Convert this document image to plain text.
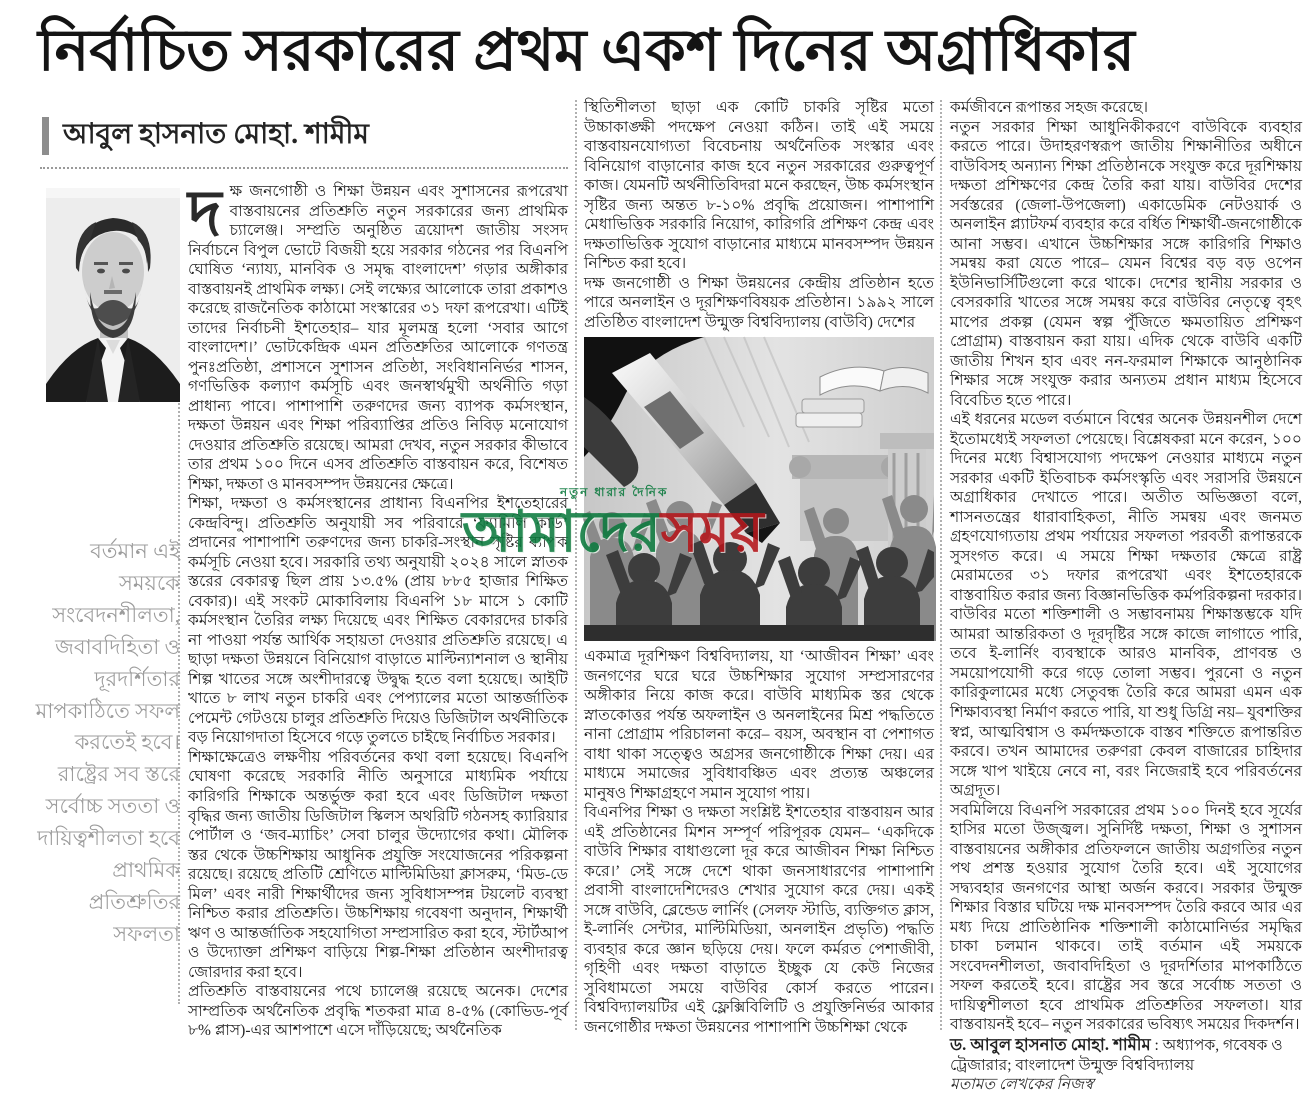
নির্বাচিত সরকারের প্রথম একশ দিনের অগ্রাধিকার
আবুল হাসনাত মোহা. শামীম
বর্তমান এই সময়কে সংবেদনশীলতা, জবাবদিহিতা ও দূরদর্শিতার মাপকাঠিতে সফল করতেই হবে। রাষ্ট্রের সব স্তরে সর্বোচ্চ সততা ও দায়িত্বশীলতা হবে প্রাথমিক প্রতিশ্রুতির সফলতা

দক্ষ জনগোষ্ঠী ও শিক্ষা উন্নয়ন এবং সুশাসনের রূপরেখা বাস্তবায়নের প্রতিশ্রুতি নতুন সরকারের জন্য প্রাথমিক চ্যালেঞ্জ। সম্প্রতি অনুষ্ঠিত ত্রয়োদশ জাতীয় সংসদ নির্বাচনে বিপুল ভোটে বিজয়ী হয়ে সরকার গঠনের পর বিএনপি ঘোষিত ‘ন্যায্য, মানবিক ও সমৃদ্ধ বাংলাদেশ’ গড়ার অঙ্গীকার বাস্তবায়নই প্রাথমিক লক্ষ্য। সেই লক্ষ্যের আলোকে তারা প্রকাশও করেছে রাজনৈতিক কাঠামো সংস্কারের ৩১ দফা রূপরেখা। এটিই তাদের নির্বাচনী ইশতেহার– যার মূলমন্ত্র হলো ‘সবার আগে বাংলাদেশ।’ ভোটকেন্দ্রিক এমন প্রতিশ্রুতির আলোকে গণতন্ত্র পুনঃপ্রতিষ্ঠা, প্রশাসনে সুশাসন প্রতিষ্ঠা, সংবিধাননির্ভর শাসন, গণভিত্তিক কল্যাণ কর্মসূচি এবং জনস্বার্থমুখী অর্থনীতি গড়া প্রাধান্য পাবে। পাশাপাশি তরুণদের জন্য ব্যাপক কর্মসংস্থান, দক্ষতা উন্নয়ন এবং শিক্ষা পরিব্যাপ্তির প্রতিও নিবিড় মনোযোগ দেওয়ার প্রতিশ্রুতি রয়েছে। আমরা দেখব, নতুন সরকার কীভাবে তার প্রথম ১০০ দিনে এসব প্রতিশ্রুতি বাস্তবায়ন করে, বিশেষত শিক্ষা, দক্ষতা ও মানবসম্পদ উন্নয়নের ক্ষেত্রে।

শিক্ষা, দক্ষতা ও কর্মসংস্থানের প্রাধান্য বিএনপির ইশতেহারের কেন্দ্রবিন্দু। প্রতিশ্রুতি অনুযায়ী সব পরিবারে ‘ফ্যামিলি কার্ড’ প্রদানের পাশাপাশি তরুণদের জন্য চাকরি-সংস্থান সৃষ্টির ব্যাপক কর্মসূচি নেওয়া হবে। সরকারি তথ্য অনুযায়ী ২০২৪ সালে স্নাতক স্তরের বেকারত্ব ছিল প্রায় ১৩.৫% (প্রায় ৮৮৫ হাজার শিক্ষিত বেকার)। এই সংকট মোকাবিলায় বিএনপি ১৮ মাসে ১ কোটি কর্মসংস্থান তৈরির লক্ষ্য দিয়েছে এবং শিক্ষিত বেকারদের চাকরি না পাওয়া পর্যন্ত আর্থিক সহায়তা দেওয়ার প্রতিশ্রুতি রয়েছে। এ ছাড়া দক্ষতা উন্নয়নে বিনিয়োগ বাড়াতে মাল্টিন্যাশনাল ও স্থানীয় শিল্প খাতের সঙ্গে অংশীদারত্বে উদ্বুদ্ধ হতে বলা হয়েছে। আইটি খাতে ৮ লাখ নতুন চাকরি এবং পেপ্যালের মতো আন্তর্জাতিক পেমেন্ট গেটওয়ে চালুর প্রতিশ্রুতি দিয়েও ডিজিটাল অর্থনীতিকে বড় নিয়োগদাতা হিসেবে গড়ে তুলতে চাইছে নির্বাচিত সরকার।

শিক্ষাক্ষেত্রেও লক্ষণীয় পরিবর্তনের কথা বলা হয়েছে। বিএনপি ঘোষণা করেছে সরকারি নীতি অনুসারে মাধ্যমিক পর্যায়ে কারিগরি শিক্ষাকে অন্তর্ভুক্ত করা হবে এবং ডিজিটাল দক্ষতা বৃদ্ধির জন্য জাতীয় ডিজিটাল স্কিলস অথরিটি গঠনসহ ক্যারিয়ার পোর্টাল ও ‘জব-ম্যাচিং’ সেবা চালুর উদ্যোগের কথা। মৌলিক স্তর থেকে উচ্চশিক্ষায় আধুনিক প্রযুক্তি সংযোজনের পরিকল্পনা রয়েছে। রয়েছে প্রতিটি শ্রেণিতে মাল্টিমিডিয়া ক্লাসরুম, ‘মিড-ডে মিল’ এবং নারী শিক্ষার্থীদের জন্য সুবিধাসম্পন্ন টয়লেট ব্যবস্থা নিশ্চিত করার প্রতিশ্রুতি। উচ্চশিক্ষায় গবেষণা অনুদান, শিক্ষার্থী ঋণ ও আন্তর্জাতিক সহযোগিতা সম্প্রসারিত করা হবে, স্টার্টআপ ও উদ্যোক্তা প্রশিক্ষণ বাড়িয়ে শিল্প-শিক্ষা প্রতিষ্ঠান অংশীদারত্ব জোরদার করা হবে।

প্রতিশ্রুতি বাস্তবায়নের পথে চ্যালেঞ্জ রয়েছে অনেক। দেশের সাম্প্রতিক অর্থনৈতিক প্রবৃদ্ধি শতকরা মাত্র ৪-৫% (কোভিড-পূর্ব ৮% প্লাস)-এর আশপাশে এসে দাঁড়িয়েছে; অর্থনৈতিক

স্থিতিশীলতা ছাড়া এক কোটি চাকরি সৃষ্টির মতো উচ্চাকাঙ্ক্ষী পদক্ষেপ নেওয়া কঠিন। তাই এই সময়ে বাস্তবায়নযোগ্যতা বিবেচনায় অর্থনৈতিক সংস্কার এবং বিনিয়োগ বাড়ানোর কাজ হবে নতুন সরকারের গুরুত্বপূর্ণ কাজ। যেমনটি অর্থনীতিবিদরা মনে করছেন, উচ্চ কর্মসংস্থান সৃষ্টির জন্য অন্তত ৮-১০% প্রবৃদ্ধি প্রয়োজন। পাশাপাশি মেধাভিত্তিক সরকারি নিয়োগ, কারিগরি প্রশিক্ষণ কেন্দ্র এবং দক্ষতাভিত্তিক সুযোগ বাড়ানোর মাধ্যমে মানবসম্পদ উন্নয়ন নিশ্চিত করা হবে।

দক্ষ জনগোষ্ঠী ও শিক্ষা উন্নয়নের কেন্দ্রীয় প্রতিষ্ঠান হতে পারে অনলাইন ও দূরশিক্ষণবিষয়ক প্রতিষ্ঠান। ১৯৯২ সালে প্রতিষ্ঠিত বাংলাদেশ উন্মুক্ত বিশ্ববিদ্যালয় (বাউবি) দেশের

একমাত্র দূরশিক্ষণ বিশ্ববিদ্যালয়, যা ‘আজীবন শিক্ষা’ এবং জনগণের ঘরে ঘরে উচ্চশিক্ষার সুযোগ সম্প্রসারণের অঙ্গীকার নিয়ে কাজ করে। বাউবি মাধ্যমিক স্তর থেকে স্নাতকোত্তর পর্যন্ত অফলাইন ও অনলাইনের মিশ্র পদ্ধতিতে নানা প্রোগ্রাম পরিচালনা করে– বয়স, অবস্থান বা পেশাগত বাধা থাকা সত্ত্বেও অগ্রসর জনগোষ্ঠীকে শিক্ষা দেয়। এর মাধ্যমে সমাজের সুবিধাবঞ্চিত এবং প্রত্যন্ত অঞ্চলের মানুষও শিক্ষাগ্রহণে সমান সুযোগ পায়।

বিএনপির শিক্ষা ও দক্ষতা সংশ্লিষ্ট ইশতেহার বাস্তবায়ন আর এই প্রতিষ্ঠানের মিশন সম্পূর্ণ পরিপূরক যেমন– ‘একদিকে বাউবি শিক্ষার বাধাগুলো দূর করে আজীবন শিক্ষা নিশ্চিত করে।’ সেই সঙ্গে দেশে থাকা জনসাধারণের পাশাপাশি প্রবাসী বাংলাদেশিদেরও শেখার সুযোগ করে দেয়। একই সঙ্গে বাউবি, ব্লেন্ডেড লার্নিং (সেলফ স্টাডি, ব্যক্তিগত ক্লাস, ই-লার্নিং সেন্টার, মাল্টিমিডিয়া, অনলাইন প্রভৃতি) পদ্ধতি ব্যবহার করে জ্ঞান ছড়িয়ে দেয়। ফলে কর্মরত পেশাজীবী, গৃহিণী এবং দক্ষতা বাড়াতে ইচ্ছুক যে কেউ নিজের সুবিধামতো সময়ে বাউবির কোর্স করতে পারেন। বিশ্ববিদ্যালয়টির এই ফ্লেক্সিবিলিটি ও প্রযুক্তিনির্ভর আকার জনগোষ্ঠীর দক্ষতা উন্নয়নের পাশাপাশি উচ্চশিক্ষা থেকে

কর্মজীবনে রূপান্তর সহজ করেছে।

নতুন সরকার শিক্ষা আধুনিকীকরণে বাউবিকে ব্যবহার করতে পারে। উদাহরণস্বরূপ জাতীয় শিক্ষানীতির অধীনে বাউবিসহ অন্যান্য শিক্ষা প্রতিষ্ঠানকে সংযুক্ত করে দূরশিক্ষায় দক্ষতা প্রশিক্ষণের কেন্দ্র তৈরি করা যায়। বাউবির দেশের সর্বস্তরের (জেলা-উপজেলা) একাডেমিক নেটওয়ার্ক ও অনলাইন প্ল্যাটফর্ম ব্যবহার করে বর্ধিত শিক্ষার্থী-জনগোষ্ঠীকে আনা সম্ভব। এখানে উচ্চশিক্ষার সঙ্গে কারিগরি শিক্ষাও সমন্বয় করা যেতে পারে– যেমন বিশ্বের বড় বড় ওপেন ইউনিভার্সিটিগুলো করে থাকে। দেশের স্থানীয় সরকার ও বেসরকারি খাতের সঙ্গে সমন্বয় করে বাউবির নেতৃত্বে বৃহৎ মাপের প্রকল্প (যেমন স্বল্প পুঁজিতে ক্ষমতায়িত প্রশিক্ষণ প্রোগ্রাম) বাস্তবায়ন করা যায়। এদিক থেকে বাউবি একটি জাতীয় শিখন হাব এবং নন-ফরমাল শিক্ষাকে আনুষ্ঠানিক শিক্ষার সঙ্গে সংযুক্ত করার অন্যতম প্রধান মাধ্যম হিসেবে বিবেচিত হতে পারে।

এই ধরনের মডেল বর্তমানে বিশ্বের অনেক উন্নয়নশীল দেশে ইতোমধ্যেই সফলতা পেয়েছে। বিশ্লেষকরা মনে করেন, ১০০ দিনের মধ্যে বিশ্বাসযোগ্য পদক্ষেপ নেওয়ার মাধ্যমে নতুন সরকার একটি ইতিবাচক কর্মসংস্কৃতি এবং সরাসরি উন্নয়নে অগ্রাধিকার দেখাতে পারে। অতীত অভিজ্ঞতা বলে, শাসনতন্ত্রের ধারাবাহিকতা, নীতি সমন্বয় এবং জনমত গ্রহণযোগ্যতায় প্রথম পর্যায়ের সফলতা পরবর্তী রূপান্তরকে সুসংগত করে। এ সময়ে শিক্ষা দক্ষতার ক্ষেত্রে রাষ্ট্র মেরামতের ৩১ দফার রূপরেখা এবং ইশতেহারকে বাস্তবায়িত করার জন্য বিজ্ঞানভিত্তিক কর্মপরিকল্পনা দরকার। বাউবির মতো শক্তিশালী ও সম্ভাবনাময় শিক্ষাস্তম্ভকে যদি আমরা আন্তরিকতা ও দূরদৃষ্টির সঙ্গে কাজে লাগাতে পারি, তবে ই-লার্নিং ব্যবস্থাকে আরও মানবিক, প্রাণবন্ত ও সময়োপযোগী করে গড়ে তোলা সম্ভব। পুরনো ও নতুন কারিকুলামের মধ্যে সেতুবন্ধ তৈরি করে আমরা এমন এক শিক্ষাব্যবস্থা নির্মাণ করতে পারি, যা শুধু ডিগ্রি নয়– যুবশক্তির স্বপ্ন, আত্মবিশ্বাস ও কর্মদক্ষতাকে বাস্তব শক্তিতে রূপান্তরিত করবে। তখন আমাদের তরুণরা কেবল বাজারের চাহিদার সঙ্গে খাপ খাইয়ে নেবে না, বরং নিজেরাই হবে পরিবর্তনের অগ্রদূত।

সবমিলিয়ে বিএনপি সরকারের প্রথম ১০০ দিনই হবে সূর্যের হাসির মতো উজ্জ্বল। সুনির্দিষ্ট দক্ষতা, শিক্ষা ও সুশাসন বাস্তবায়নের অঙ্গীকার প্রতিফলনে জাতীয় অগ্রগতির নতুন পথ প্রশস্ত হওয়ার সুযোগ তৈরি হবে। এই সুযোগের সদ্ব্যবহার জনগণের আস্থা অর্জন করবে। সরকার উন্মুক্ত শিক্ষার বিস্তার ঘটিয়ে দক্ষ মানবসম্পদ তৈরি করবে আর এর মধ্য দিয়ে প্রাতিষ্ঠানিক শক্তিশালী কাঠামোনির্ভর সমৃদ্ধির চাকা চলমান থাকবে। তাই বর্তমান এই সময়কে সংবেদনশীলতা, জবাবদিহিতা ও দূরদর্শিতার মাপকাঠিতে সফল করতেই হবে। রাষ্ট্রের সব স্তরে সর্বোচ্চ সততা ও দায়িত্বশীলতা হবে প্রাথমিক প্রতিশ্রুতির সফলতা। যার বাস্তবায়নই হবে– নতুন সরকারের ভবিষ্যৎ সময়ের দিকদর্শন।

ড. আবুল হাসনাত মোহা. শামীম : অধ্যাপক, গবেষক ও ট্রেজারার; বাংলাদেশ উন্মুক্ত বিশ্ববিদ্যালয়

মতামত লেখকের নিজস্ব

নতুন ধারার দৈনিক
আমাদেরসময়
